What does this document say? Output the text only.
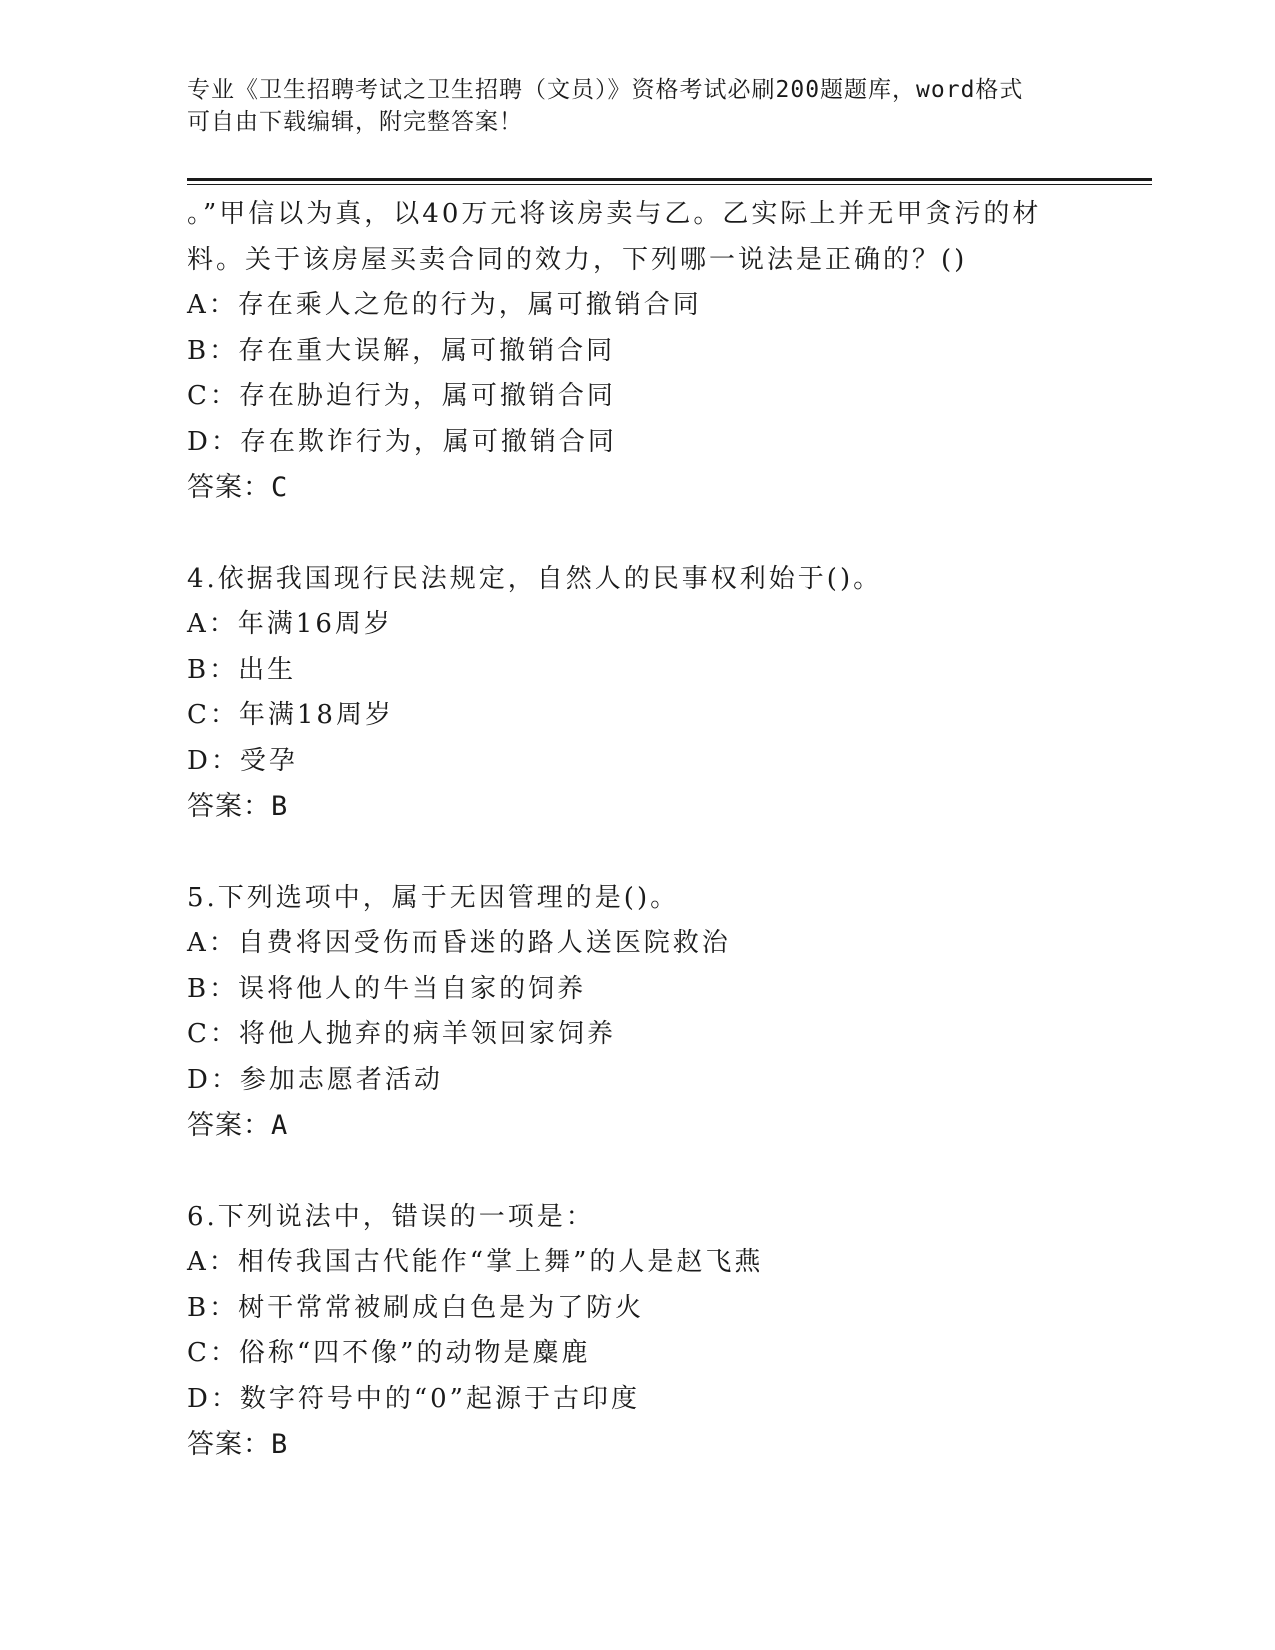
专业《卫生招聘考试之卫生招聘（文员）》资格考试必刷200题题库，word格式
可自由下载编辑，附完整答案！
。”甲信以为真，以40万元将该房卖与乙。乙实际上并无甲贪污的材
料。关于该房屋买卖合同的效力，下列哪一说法是正确的？()
A：存在乘人之危的行为，属可撤销合同
B：存在重大误解，属可撤销合同
C：存在胁迫行为，属可撤销合同
D：存在欺诈行为，属可撤销合同
答案：C
4.依据我国现行民法规定，自然人的民事权利始于()。
A：年满16周岁
B：出生
C：年满18周岁
D：受孕
答案：B
5.下列选项中，属于无因管理的是()。
A：自费将因受伤而昏迷的路人送医院救治
B：误将他人的牛当自家的饲养
C：将他人抛弃的病羊领回家饲养
D：参加志愿者活动
答案：A
6.下列说法中，错误的一项是：
A：相传我国古代能作“掌上舞”的人是赵飞燕
B：树干常常被刷成白色是为了防火
C：俗称“四不像”的动物是麋鹿
D：数字符号中的“0”起源于古印度
答案：B
